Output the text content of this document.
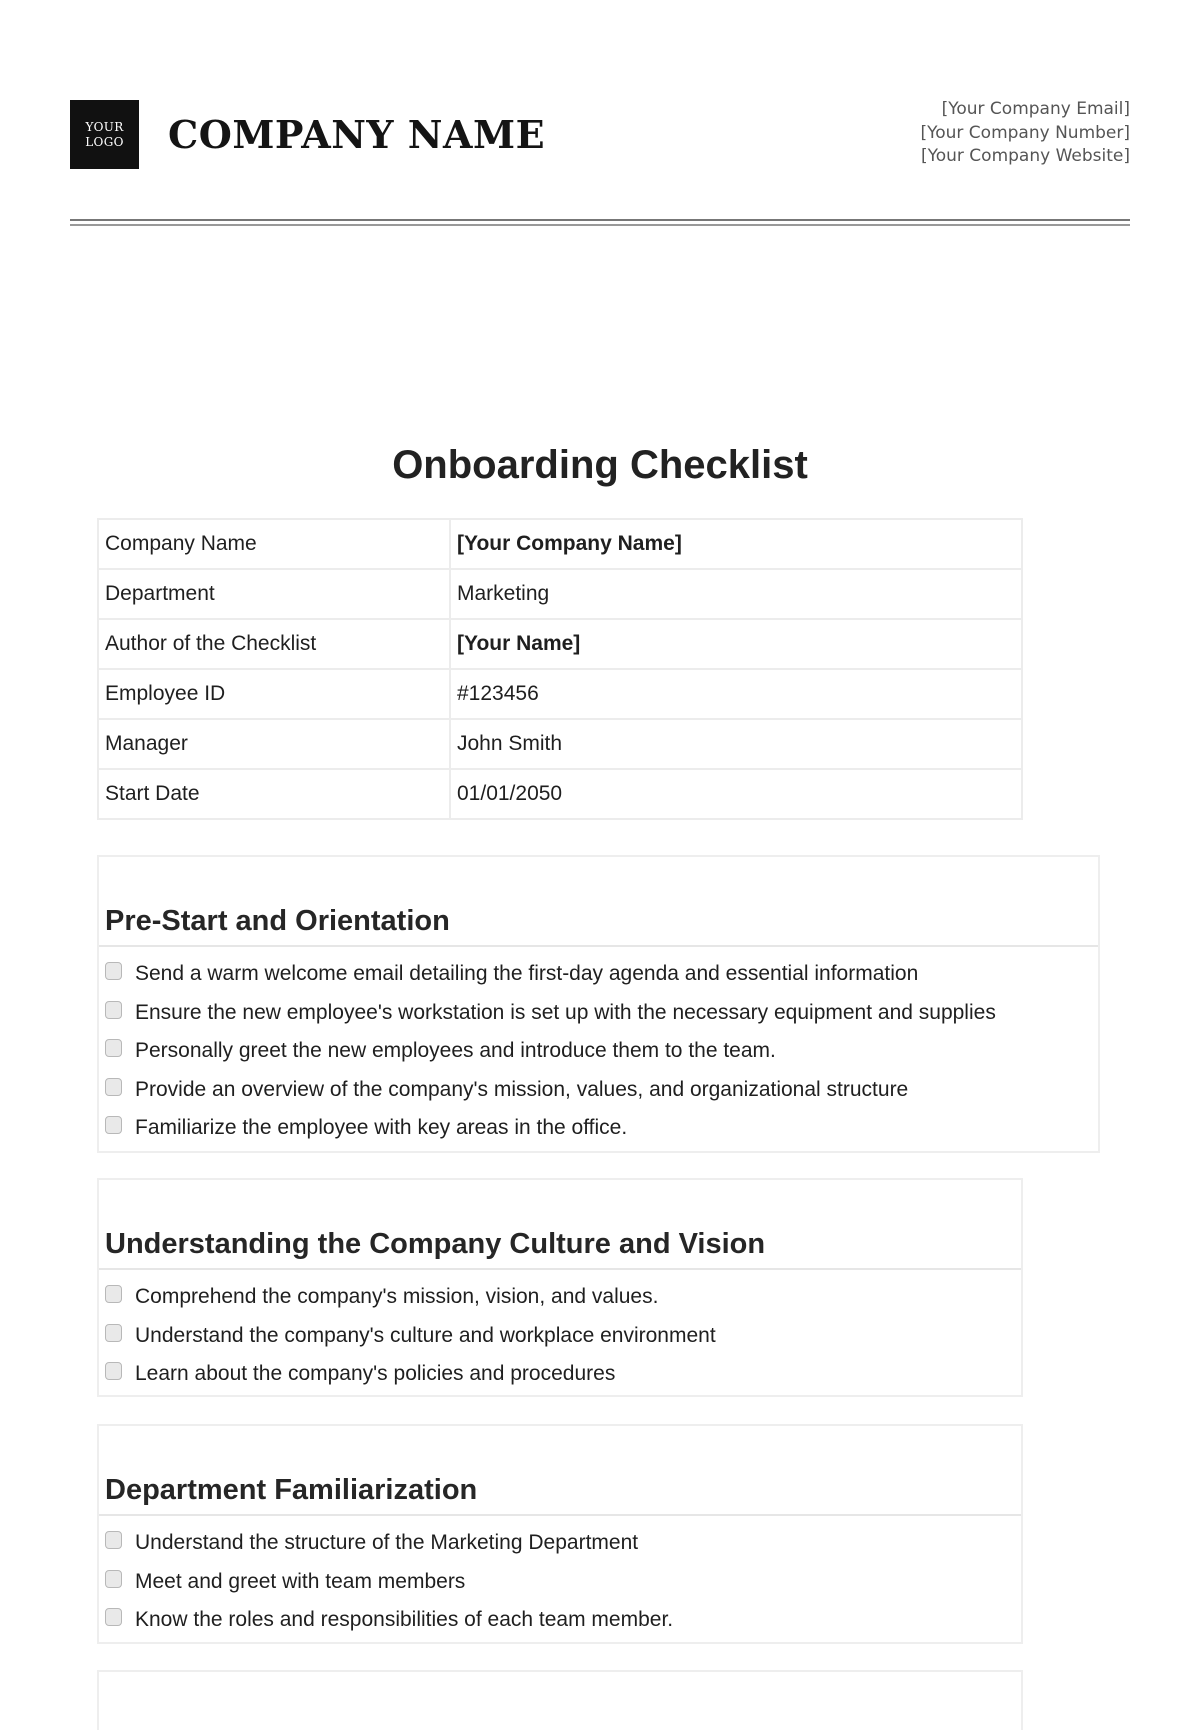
YOUR
LOGO COMPANY NAME
[Your Company Email]
[Your Company Number]
[Your Company Website]
Onboarding Checklist
Company Name	[Your Company Name]
Department	Marketing
Author of the Checklist	[Your Name]
Employee ID	#123456
Manager	John Smith
Start Date	01/01/2050
Pre-Start and Orientation
Send a warm welcome email detailing the first-day agenda and essential information
Ensure the new employee's workstation is set up with the necessary equipment and supplies
Personally greet the new employees and introduce them to the team.
Provide an overview of the company's mission, values, and organizational structure
Familiarize the employee with key areas in the office.
Understanding the Company Culture and Vision
Comprehend the company's mission, vision, and values.
Understand the company's culture and workplace environment
Learn about the company's policies and procedures
Department Familiarization
Understand the structure of the Marketing Department
Meet and greet with team members
Know the roles and responsibilities of each team member.
